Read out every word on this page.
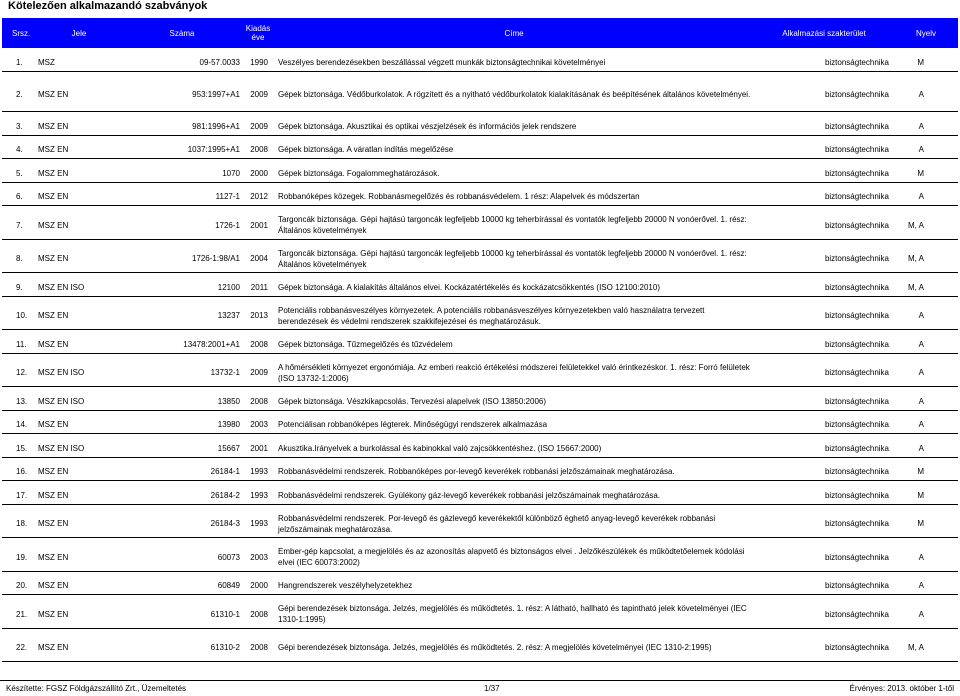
Kötelezően alkalmazandó szabványok
Srsz.	Jele	Száma	Kiadás éve	Címe	Alkalmazási szakterület	Nyelv

1.	MSZ	09-57.0033	1990	Veszélyes berendezésekben beszállással végzett munkák biztonságtechnikai követelményei	biztonságtechnika	M

2.	MSZ EN	953:1997+A1	2009	Gépek biztonsága. Védőburkolatok. A rögzített és a nyitható védőburkolatok kialakításának és beépítésének általános követelményei.	biztonságtechnika	A

3.	MSZ EN	981:1996+A1	2009	Gépek biztonsága. Akusztikai és optikai vészjelzések és információs jelek rendszere	biztonságtechnika	A

4.	MSZ EN	1037:1995+A1	2008	Gépek biztonsága. A váratlan indítás megelőzése	biztonságtechnika	A

5.	MSZ EN	1070	2000	Gépek biztonsága. Fogalommeghatározások.	biztonságtechnika	M

6.	MSZ EN	1127-1	2012	Robbanóképes közegek. Robbanásmegelőzés és robbanásvédelem. 1 rész: Alapelvek és módszertan	biztonságtechnika	A

7.	MSZ EN	1726-1	2001	Targoncák biztonsága. Gépi hajtású targoncák legfeljebb 10000 kg teherbírással és vontatók legfeljebb 20000 N vonóerővel. 1. rész: Általános követelmények	biztonságtechnika	M, A

8.	MSZ EN	1726-1:98/A1	2004	Targoncák biztonsága. Gépi hajtású targoncák legfeljebb 10000 kg teherbírással és vontatók legfeljebb 20000 N vonóerővel. 1. rész: Általános követelmények	biztonságtechnika	M, A

9.	MSZ EN ISO	12100	2011	Gépek biztonsága. A kialakítás általános elvei. Kockázatértékelés és kockázatcsökkentés (ISO 12100:2010)	biztonságtechnika	M, A

10.	MSZ EN	13237	2013	Potenciális robbanásveszélyes környezetek. A potenciális robbanásveszélyes környezetekben való használatra tervezett berendezések és védelmi rendszerek szakkifejezései és meghatározásuk.	biztonságtechnika	A

11.	MSZ EN	13478:2001+A1	2008	Gépek biztonsága. Tűzmegelőzés és tűzvédelem	biztonságtechnika	A

12.	MSZ EN ISO	13732-1	2009	A hőmérsékleti környezet ergonómiája. Az emberi reakció értékelési módszerei felületekkel való érintkezéskor. 1. rész: Forró felületek (ISO 13732-1:2006)	biztonságtechnika	A

13.	MSZ EN ISO	13850	2008	Gépek biztonsága. Vészkikapcsolás. Tervezési alapelvek (ISO 13850:2006)	biztonságtechnika	A

14.	MSZ EN	13980	2003	Potenciálisan robbanóképes légterek. Minőségügyi rendszerek alkalmazása	biztonságtechnika	A

15.	MSZ EN ISO	15667	2001	Akusztika.Irányelvek a burkolással és kabinokkal való zajcsökkentéshez. (ISO 15667:2000)	biztonságtechnika	A

16.	MSZ EN	26184-1	1993	Robbanásvédelmi rendszerek. Robbanóképes por-levegő keverékek robbanási jelzőszámainak meghatározása.	biztonságtechnika	M

17.	MSZ EN	26184-2	1993	Robbanásvédelmi rendszerek. Gyúlékony gáz-levegő keverékek robbanási jelzőszámainak meghatározása.	biztonságtechnika	M

18.	MSZ EN	26184-3	1993	Robbanásvédelmi rendszerek. Por-levegő és gázlevegő keverékektől különböző éghető anyag-levegő keverékek robbanási jelzőszámainak meghatározása.	biztonságtechnika	M

19.	MSZ EN	60073	2003	Ember-gép kapcsolat, a megjelölés és az azonosítás alapvető és biztonságos elvei . Jelzőkészülékek és működtetőelemek kódolási elvei (IEC 60073:2002)	biztonságtechnika	A

20.	MSZ EN	60849	2000	Hangrendszerek veszélyhelyzetekhez	biztonságtechnika	A

21.	MSZ EN	61310-1	2008	Gépi berendezések biztonsága. Jelzés, megjelölés és működtetés. 1. rész: A látható, hallható és tapintható jelek követelményei (IEC 1310-1:1995)	biztonságtechnika	A

22.	MSZ EN	61310-2	2008	Gépi berendezések biztonsága. Jelzés, megjelölés és működtetés. 2. rész: A megjelölés követelményei (IEC 1310-2:1995)	biztonságtechnika	M, A
Készítette: FGSZ Földgázszállító Zrt., Üzemeltetés	1/37	Érvényes: 2013. október 1-től
